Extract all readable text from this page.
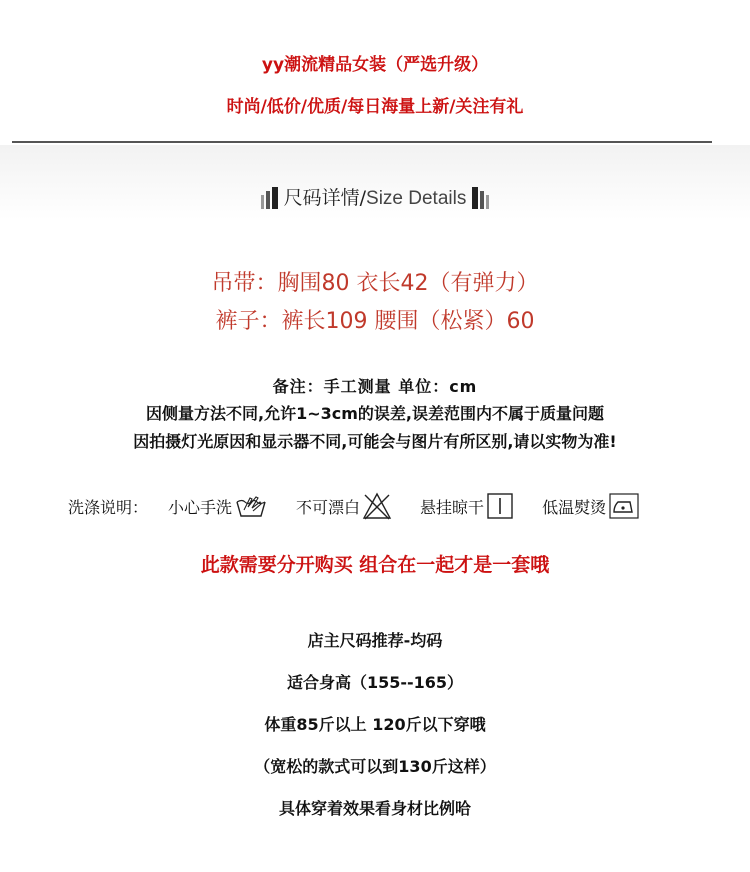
yy潮流精品女装（严选升级）
时尚/低价/优质/每日海量上新/关注有礼
尺码详情/Size Details
吊带：胸围80 衣长42（有弹力）
裤子：裤长109 腰围（松紧）60
备注：手工测量 单位：cm
因侧量方法不同,允许1~3cm的误差,误差范围内不属于质量问题
因拍摄灯光原因和显示器不同,可能会与图片有所区别,请以实物为准!
洗涤说明： 小心手洗	不可漂白	悬挂晾干	低温熨烫
此款需要分开购买 组合在一起才是一套哦
店主尺码推荐-均码
适合身高（155--165）
体重85斤以上 120斤以下穿哦
（宽松的款式可以到130斤这样）
具体穿着效果看身材比例哈
